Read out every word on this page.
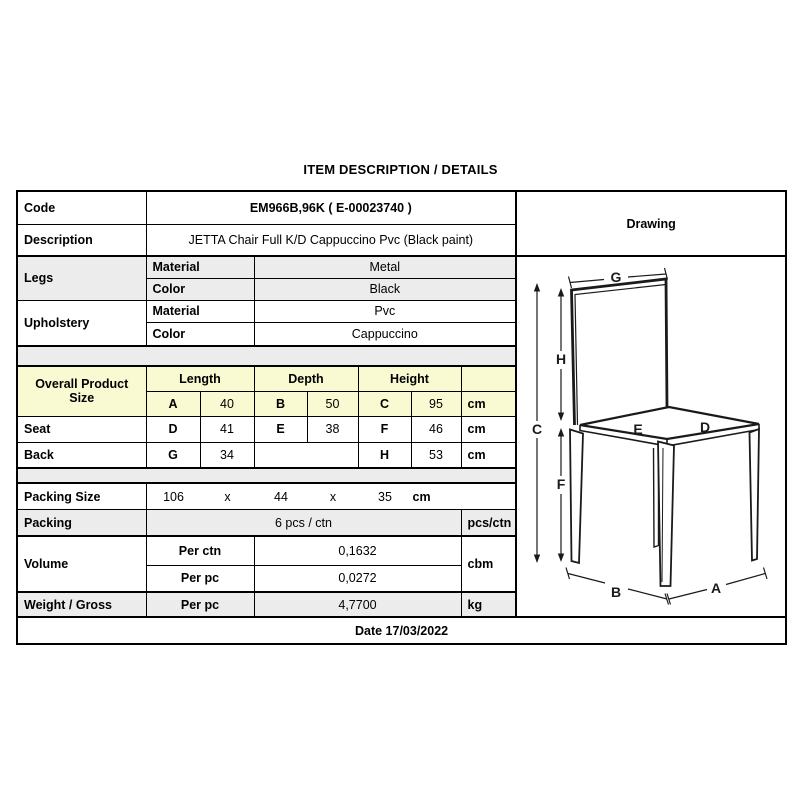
ITEM DESCRIPTION / DETAILS
Code	EM966B,96K ( E-00023740 )							Drawing
Description	JETTA Chair Full K/D Cappuccino Pvc (Black paint)							
Legs	Material	Metal	
G
H
C
F
E	D
B	A

	Color		Black					
Upholstery	Material		Pvc					
	Color		Cappuccino					

Overall Product Size	Length		Depth		Height			
	A	40	B	50	C	95	cm	
Seat	D	41	E	38	F	46	cm	
Back	G	34			H	53	cm	

Packing Size	106	x	44	x	35	cm

Packing	6 pcs / ctn						pcs/ctn	
Volume	Per ctn		0,1632				cbm	
	Per pc		0,0272					
Weight / Gross	Per pc		4,7700				kg	
Date 17/03/2022								
